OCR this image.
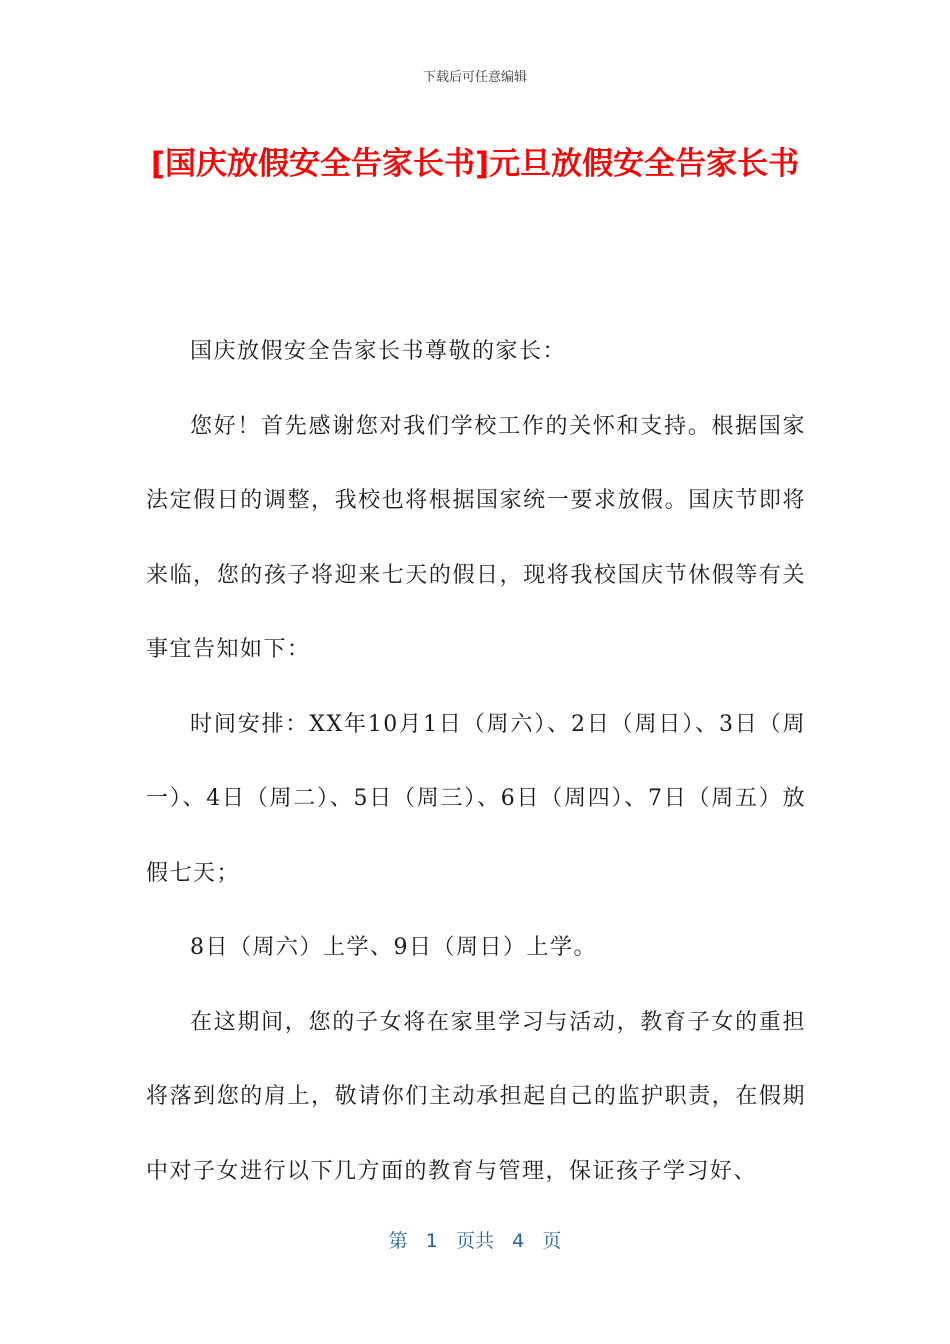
下载后可任意编辑
[国庆放假安全告家长书]元旦放假安全告家长书

国庆放假安全告家长书尊敬的家长：

您好！首先感谢您对我们学校工作的关怀和支持。根据国家法定假日的调整，我校也将根据国家统一要求放假。国庆节即将来临，您的孩子将迎来七天的假日，现将我校国庆节休假等有关事宜告知如下：

时间安排：XX年10月1日（周六）、2日（周日）、3日（周一）、4日（周二）、5日（周三）、6日（周四）、7日（周五）放假七天；

8日（周六）上学、9日（周日）上学。

在这期间，您的子女将在家里学习与活动，教育子女的重担将落到您的肩上，敬请你们主动承担起自己的监护职责，在假期中对子女进行以下几方面的教育与管理，保证孩子学习好、

第 1 页共 4 页
